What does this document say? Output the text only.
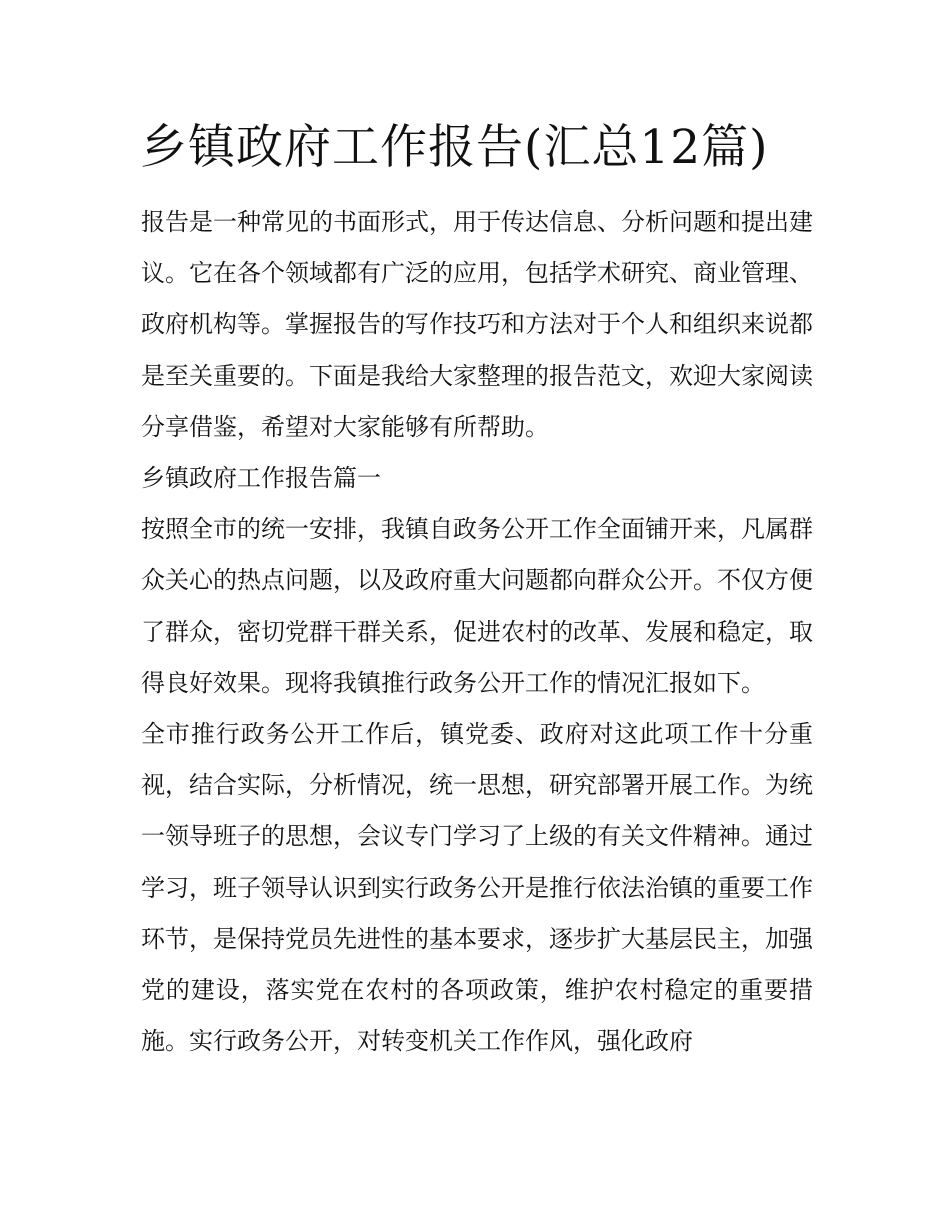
乡镇政府工作报告(汇总12篇)

报告是一种常见的书面形式，用于传达信息、分析问题和提出建议。它在各个领域都有广泛的应用，包括学术研究、商业管理、政府机构等。掌握报告的写作技巧和方法对于个人和组织来说都是至关重要的。下面是我给大家整理的报告范文，欢迎大家阅读分享借鉴，希望对大家能够有所帮助。

乡镇政府工作报告篇一

按照全市的统一安排，我镇自政务公开工作全面铺开来，凡属群众关心的热点问题，以及政府重大问题都向群众公开。不仅方便了群众，密切党群干群关系，促进农村的改革、发展和稳定，取得良好效果。现将我镇推行政务公开工作的情况汇报如下。

全市推行政务公开工作后，镇党委、政府对这此项工作十分重视，结合实际，分析情况，统一思想，研究部署开展工作。为统一领导班子的思想，会议专门学习了上级的有关文件精神。通过学习，班子领导认识到实行政务公开是推行依法治镇的重要工作环节，是保持党员先进性的基本要求，逐步扩大基层民主，加强党的建设，落实党在农村的各项政策，维护农村稳定的重要措施。实行政务公开，对转变机关工作作风，强化政府
